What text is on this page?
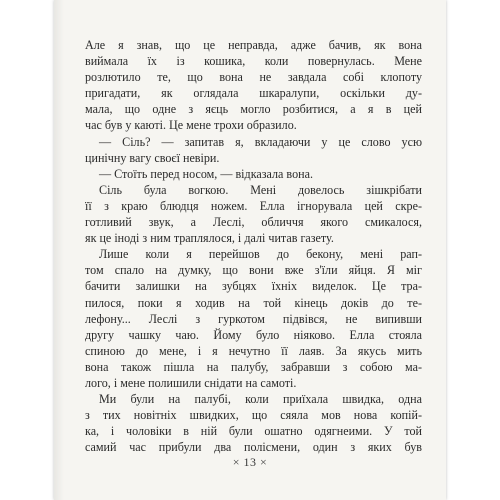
Але я знав, що це неправда, адже бачив, як вона
виймала їх із кошика, коли повернулась. Мене
розлютило те, що вона не завдала собі клопоту
пригадати, як оглядала шкаралупи, оскільки ду-
мала, що одне з яєць могло розбитися, а я в цей
час був у каюті. Це мене трохи образило.
— Сіль? — запитав я, вкладаючи у це слово усю
цинічну вагу своєї невіри.
— Стоїть перед носом, — відказала вона.
Сіль була вогкою. Мені довелось зішкрібати
її з краю блюдця ножем. Елла ігнорувала цей скре-
готливий звук, а Леслі, обличчя якого смикалося,
як це іноді з ним траплялося, і далі читав газету.
Лише коли я перейшов до бекону, мені рап-
том спало на думку, що вони вже з'їли яйця. Я міг
бачити залишки на зубцях їхніх виделок. Це тра-
пилося, поки я ходив на той кінець доків до те-
лефону... Леслі з гуркотом підвівся, не випивши
другу чашку чаю. Йому було ніяково. Елла стояла
спиною до мене, і я нечутно її лаяв. За якусь мить
вона також пішла на палубу, забравши з собою ма-
лого, і мене полишили снідати на самоті.
Ми були на палубі, коли приїхала швидка, одна
з тих новітніх швидких, що сяяла мов нова копій-
ка, і чоловіки в ній були ошатно одягнеими. У той
самий час прибули два полісмени, один з яких був
× 13 ×
